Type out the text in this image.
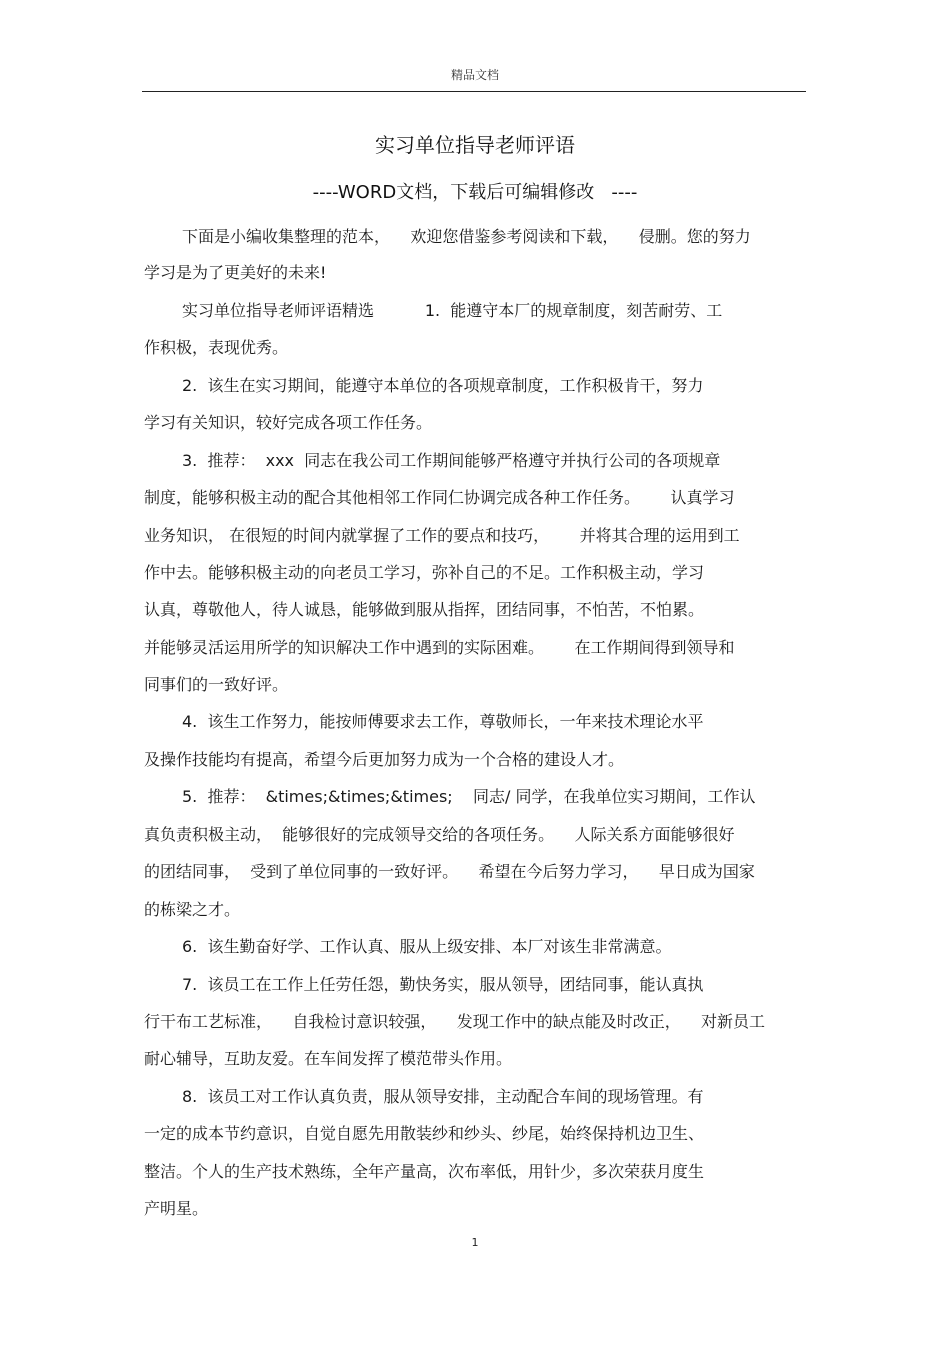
精品文档
实习单位指导老师评语
----WORD文档，下载后可编辑修改   ----
下面是小编收集整理的范本，    欢迎您借鉴参考阅读和下载，    侵删。您的努力
学习是为了更美好的未来!
实习单位指导老师评语精选          1.  能遵守本厂的规章制度，刻苦耐劳、工
作积极，表现优秀。
2.  该生在实习期间，能遵守本单位的各项规章制度，工作积极肯干，努力
学习有关知识，较好完成各项工作任务。
3.  推荐：  xxx  同志在我公司工作期间能够严格遵守并执行公司的各项规章
制度，能够积极主动的配合其他相邻工作同仁协调完成各种工作任务。      认真学习
业务知识， 在很短的时间内就掌握了工作的要点和技巧，      并将其合理的运用到工
作中去。能够积极主动的向老员工学习，弥补自己的不足。工作积极主动，学习
认真，尊敬他人，待人诚恳，能够做到服从指挥，团结同事，不怕苦，不怕累。
并能够灵活运用所学的知识解决工作中遇到的实际困难。      在工作期间得到领导和
同事们的一致好评。
4.  该生工作努力，能按师傅要求去工作，尊敬师长，一年来技术理论水平
及操作技能均有提高，希望今后更加努力成为一个合格的建设人才。
5.  推荐：  &times;&times;&times;    同志/ 同学，在我单位实习期间，工作认
真负责积极主动，  能够很好的完成领导交给的各项任务。    人际关系方面能够很好
的团结同事，  受到了单位同事的一致好评。    希望在今后努力学习，    早日成为国家
的栋梁之才。
6.  该生勤奋好学、工作认真、服从上级安排、本厂对该生非常满意。
7.  该员工在工作上任劳任怨，勤快务实，服从领导，团结同事，能认真执
行干布工艺标准，    自我检讨意识较强，    发现工作中的缺点能及时改正，    对新员工
耐心辅导，互助友爱。在车间发挥了模范带头作用。
8.  该员工对工作认真负责，服从领导安排，主动配合车间的现场管理。有
一定的成本节约意识，自觉自愿先用散装纱和纱头、纱尾，始终保持机边卫生、
整洁。个人的生产技术熟练，全年产量高，次布率低，用针少，多次荣获月度生
产明星。
1
